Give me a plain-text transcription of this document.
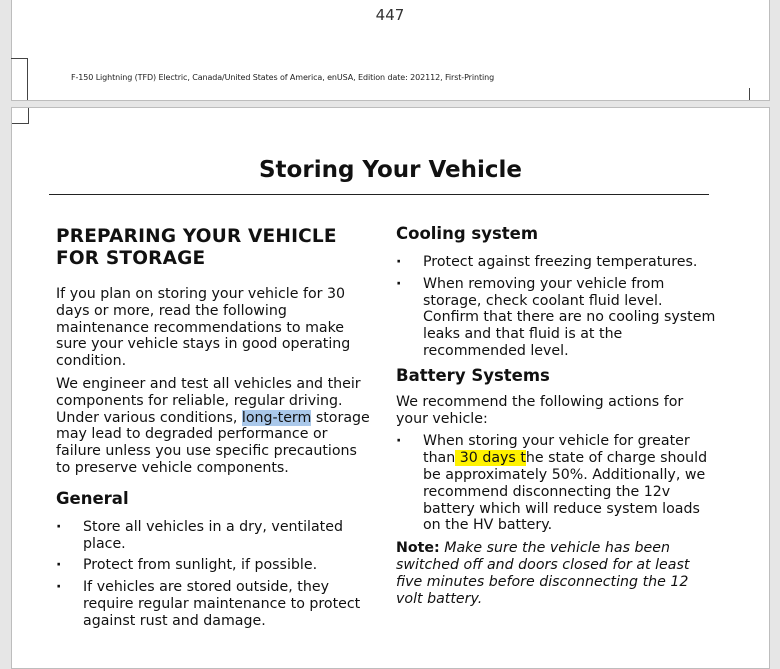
447
F-150 Lightning (TFD) Electric, Canada/United States of America, enUSA, Edition date: 202112, First-Printing
Storing Your Vehicle
PREPARING YOUR VEHICLE FOR STORAGE

If you plan on storing your vehicle for 30 days or more, read the following maintenance recommendations to make sure your vehicle stays in good operating condition.

We engineer and test all vehicles and their components for reliable, regular driving. Under various conditions, long-term storage may lead to degraded performance or failure unless you use specific precautions to preserve vehicle components.

General
· Store all vehicles in a dry, ventilated place.
· Protect from sunlight, if possible.
· If vehicles are stored outside, they require regular maintenance to protect against rust and damage.
Cooling system
· Protect against freezing temperatures.
· When removing your vehicle from storage, check coolant fluid level. Confirm that there are no cooling system leaks and that fluid is at the recommended level.
Battery Systems

We recommend the following actions for your vehicle:

· When storing your vehicle for greater than 30 days the state of charge should be approximately 50%. Additionally, we recommend disconnecting the 12v battery which will reduce system loads on the HV battery.

Note: Make sure the vehicle has been switched off and doors closed for at least five minutes before disconnecting the 12 volt battery.
